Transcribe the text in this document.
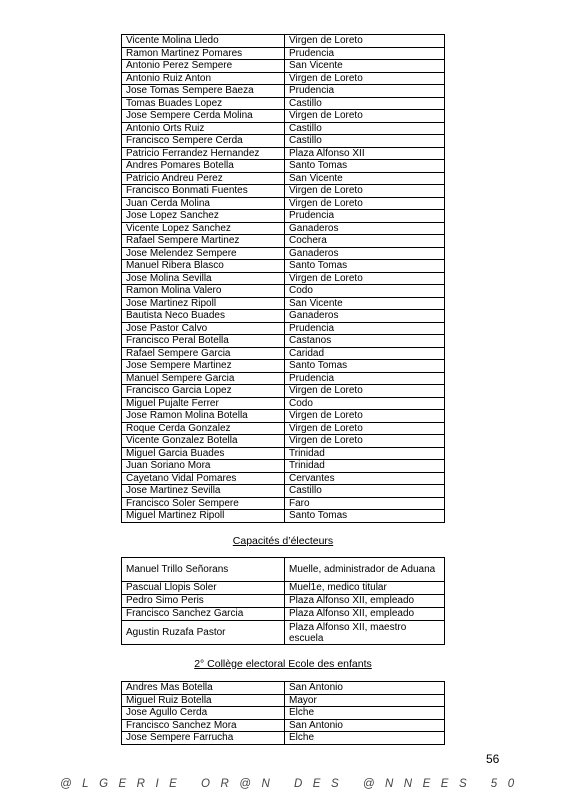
Vicente Molina Lledo	Virgen de Loreto
Ramon Martinez Pomares	Prudencia
Antonio Perez Sempere	San Vicente
Antonio Ruiz Anton	Virgen de Loreto
Jose Tomas Sempere Baeza	Prudencia
Tomas Buades Lopez	Castillo
Jose Sempere Cerda Molina	Virgen de Loreto
Antonio Orts Ruiz	Castillo
Francisco Sempere Cerda	Castillo
Patricio Ferrandez Hernandez	Plaza Alfonso XII
Andres Pomares Botella	Santo Tomas
Patricio Andreu Perez	San Vicente
Francisco Bonmati Fuentes	Virgen de Loreto
Juan Cerda Molina	Virgen de Loreto
Jose Lopez Sanchez	Prudencia
Vicente Lopez Sanchez	Ganaderos
Rafael Sempere Martinez	Cochera
Jose Melendez Sempere	Ganaderos
Manuel Ribera Blasco	Santo Tomas
Jose Molina Sevilla	Virgen de Loreto
Ramon Molina Valero	Codo
Jose Martinez Ripoll	San Vicente
Bautista Neco Buades	Ganaderos
Jose Pastor Calvo	Prudencia
Francisco Peral Botella	Castanos
Rafael Sempere Garcia	Caridad
Jose Sempere Martinez	Santo Tomas
Manuel Sempere Garcia	Prudencia
Francisco Garcia Lopez	Virgen de Loreto
Miguel Pujalte Ferrer	Codo
Jose Ramon Molina Botella	Virgen de Loreto
Roque Cerda Gonzalez	Virgen de Loreto
Vicente Gonzalez Botella	Virgen de Loreto
Miguel Garcia Buades	Trinidad
Juan Soriano Mora	Trinidad
Cayetano Vidal Pomares	Cervantes
Jose Martinez Sevilla	Castillo
Francisco Soler Sempere	Faro
Miguel Martinez Ripoll	Santo Tomas
Capacités d’électeurs
Manuel Trillo Señorans	Muelle, administrador de Aduana
Pascual Llopis Soler	Muel1e, medico titular
Pedro Simo Peris	Plaza Alfonso XII, empleado
Francisco Sanchez Garcia	Plaza Alfonso XII, empleado
Agustin Ruzafa Pastor	Plaza Alfonso XII, maestro escuela
2° Collège electoral Ecole des enfants
Andres Mas Botella	San Antonio
Miguel Ruiz Botella	Mayor
Jose Agullo Cerda	Elche
Francisco Sanchez Mora	San Antonio
Jose Sempere Farrucha	Elche
56
@LGERIE OR@N DES @NNEES 50
